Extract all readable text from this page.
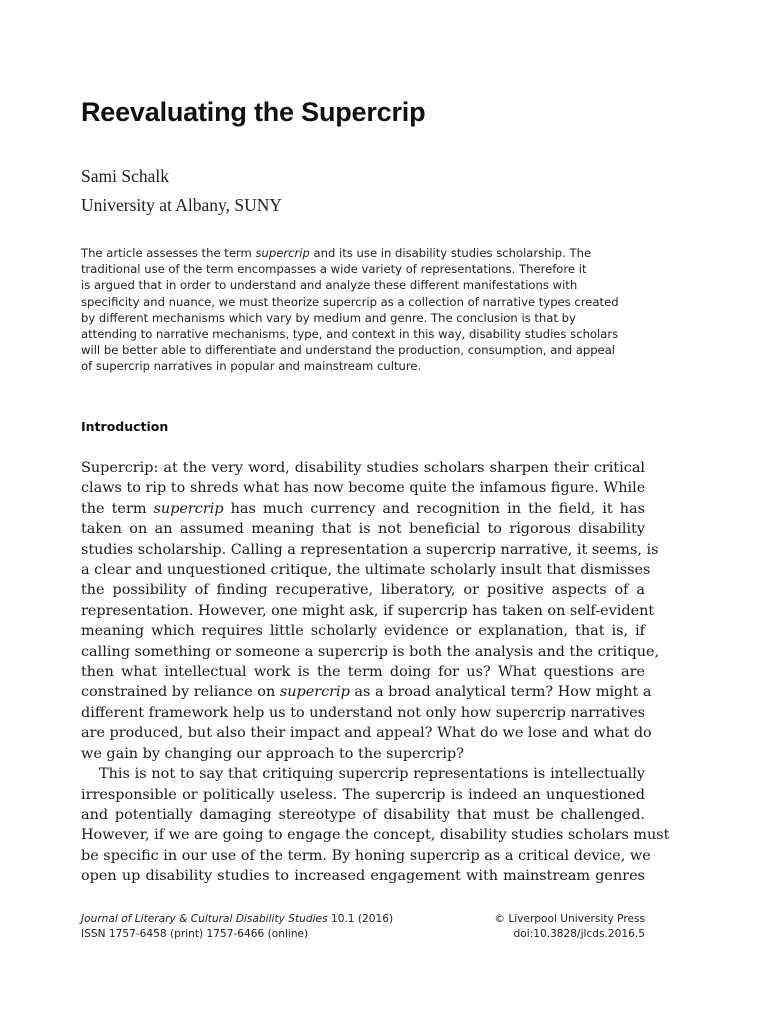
Reevaluating the Supercrip
Sami Schalk
University at Albany, SUNY
The article assesses the term supercrip and its use in disability studies scholarship. The
traditional use of the term encompasses a wide variety of representations. Therefore it
is argued that in order to understand and analyze these different manifestations with
specificity and nuance, we must theorize supercrip as a collection of narrative types created
by different mechanisms which vary by medium and genre. The conclusion is that by
attending to narrative mechanisms, type, and context in this way, disability studies scholars
will be better able to differentiate and understand the production, consumption, and appeal
of supercrip narratives in popular and mainstream culture.
Introduction
Supercrip: at the very word, disability studies scholars sharpen their critical
claws to rip to shreds what has now become quite the infamous figure. While
the term supercrip has much currency and recognition in the field, it has
taken on an assumed meaning that is not beneficial to rigorous disability
studies scholarship. Calling a representation a supercrip narrative, it seems, is
a clear and unquestioned critique, the ultimate scholarly insult that dismisses
the possibility of finding recuperative, liberatory, or positive aspects of a
representation. However, one might ask, if supercrip has taken on self-evident
meaning which requires little scholarly evidence or explanation, that is, if
calling something or someone a supercrip is both the analysis and the critique,
then what intellectual work is the term doing for us? What questions are
constrained by reliance on supercrip as a broad analytical term? How might a
different framework help us to understand not only how supercrip narratives
are produced, but also their impact and appeal? What do we lose and what do
we gain by changing our approach to the supercrip?
This is not to say that critiquing supercrip representations is intellectually
irresponsible or politically useless. The supercrip is indeed an unquestioned
and potentially damaging stereotype of disability that must be challenged.
However, if we are going to engage the concept, disability studies scholars must
be specific in our use of the term. By honing supercrip as a critical device, we
open up disability studies to increased engagement with mainstream genres
Journal of Literary & Cultural Disability Studies 10.1 (2016)	© Liverpool University Press
ISSN 1757-6458 (print) 1757-6466 (online)	doi:10.3828/jlcds.2016.5
